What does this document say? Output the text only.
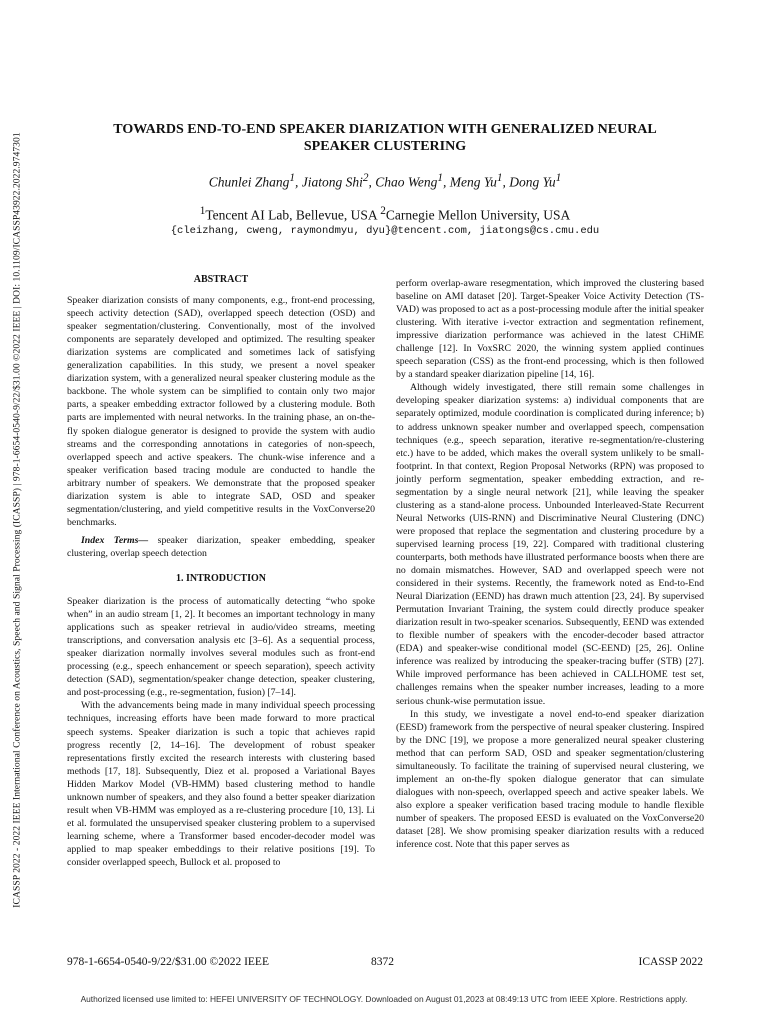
ICASSP 2022 - 2022 IEEE International Conference on Acoustics, Speech and Signal Processing (ICASSP) | 978-1-6654-0540-9/22/$31.00 ©2022 IEEE | DOI: 10.1109/ICASSP43922.2022.9747301
TOWARDS END-TO-END SPEAKER DIARIZATION WITH GENERALIZED NEURAL
SPEAKER CLUSTERING
Chunlei Zhang$^1$, Jiatong Shi$^2$, Chao Weng$^1$, Meng Yu$^1$, Dong Yu$^1$
$^1$Tencent AI Lab, Bellevue, USA $^2$Carnegie Mellon University, USA
{cleizhang, cweng, raymondmyu, dyu}@tencent.com, jiatongs@cs.cmu.edu
ABSTRACT

Speaker diarization consists of many components, e.g., front-end processing, speech activity detection (SAD), overlapped speech detection (OSD) and speaker segmentation/clustering. Conventionally, most of the involved components are separately developed and optimized. The resulting speaker diarization systems are complicated and sometimes lack of satisfying generalization capabilities. In this study, we present a novel speaker diarization system, with a generalized neural speaker clustering module as the backbone. The whole system can be simplified to contain only two major parts, a speaker embedding extractor followed by a clustering module. Both parts are implemented with neural networks. In the training phase, an on-the-fly spoken dialogue generator is designed to provide the system with audio streams and the corresponding annotations in categories of non-speech, overlapped speech and active speakers. The chunk-wise inference and a speaker verification based tracing module are conducted to handle the arbitrary number of speakers. We demonstrate that the proposed speaker diarization system is able to integrate SAD, OSD and speaker segmentation/clustering, and yield competitive results in the VoxConverse20 benchmarks.

Index Terms— speaker diarization, speaker embedding, speaker clustering, overlap speech detection

1. INTRODUCTION

Speaker diarization is the process of automatically detecting “who spoke when” in an audio stream [1, 2]. It becomes an important technology in many applications such as speaker retrieval in audio/video streams, meeting transcriptions, and conversation analysis etc [3–6]. As a sequential process, speaker diarization normally involves several modules such as front-end processing (e.g., speech enhancement or speech separation), speech activity detection (SAD), segmentation/speaker change detection, speaker clustering, and post-processing (e.g., re-segmentation, fusion) [7–14].

With the advancements being made in many individual speech processing techniques, increasing efforts have been made forward to more practical speech systems. Speaker diarization is such a topic that achieves rapid progress recently [2, 14–16]. The development of robust speaker representations firstly excited the research interests with clustering based methods [17, 18]. Subsequently, Diez et al. proposed a Variational Bayes Hidden Markov Model (VB-HMM) based clustering method to handle unknown number of speakers, and they also found a better speaker diarization result when VB-HMM was employed as a re-clustering procedure [10, 13]. Li et al. formulated the unsupervised speaker clustering problem to a supervised learning scheme, where a Transformer based encoder-decoder model was applied to map speaker embeddings to their relative positions [19]. To consider overlapped speech, Bullock et al. proposed to

perform overlap-aware resegmentation, which improved the clustering based baseline on AMI dataset [20]. Target-Speaker Voice Activity Detection (TS-VAD) was proposed to act as a post-processing module after the initial speaker clustering. With iterative i-vector extraction and segmentation refinement, impressive diarization performance was achieved in the latest CHiME challenge [12]. In VoxSRC 2020, the winning system applied continues speech separation (CSS) as the front-end processing, which is then followed by a standard speaker diarization pipeline [14, 16].

Although widely investigated, there still remain some challenges in developing speaker diarization systems: a) individual components that are separately optimized, module coordination is complicated during inference; b) to address unknown speaker number and overlapped speech, compensation techniques (e.g., speech separation, iterative re-segmentation/re-clustering etc.) have to be added, which makes the overall system unlikely to be small-footprint. In that context, Region Proposal Networks (RPN) was proposed to jointly perform segmentation, speaker embedding extraction, and re-segmentation by a single neural network [21], while leaving the speaker clustering as a stand-alone process. Unbounded Interleaved-State Recurrent Neural Networks (UIS-RNN) and Discriminative Neural Clustering (DNC) were proposed that replace the segmentation and clustering procedure by a supervised learning process [19, 22]. Compared with traditional clustering counterparts, both methods have illustrated performance boosts when there are no domain mismatches. However, SAD and overlapped speech were not considered in their systems. Recently, the framework noted as End-to-End Neural Diarization (EEND) has drawn much attention [23, 24]. By supervised Permutation Invariant Training, the system could directly produce speaker diarization result in two-speaker scenarios. Subsequently, EEND was extended to flexible number of speakers with the encoder-decoder based attractor (EDA) and speaker-wise conditional model (SC-EEND) [25, 26]. Online inference was realized by introducing the speaker-tracing buffer (STB) [27]. While improved performance has been achieved in CALLHOME test set, challenges remains when the speaker number increases, leading to a more serious chunk-wise permutation issue.

In this study, we investigate a novel end-to-end speaker diarization (EESD) framework from the perspective of neural speaker clustering. Inspired by the DNC [19], we propose a more generalized neural speaker clustering method that can perform SAD, OSD and speaker segmentation/clustering simultaneously. To facilitate the training of supervised neural clustering, we implement an on-the-fly spoken dialogue generator that can simulate dialogues with non-speech, overlapped speech and active speaker labels. We also explore a speaker verification based tracing module to handle flexible number of speakers. The proposed EESD is evaluated on the VoxConverse20 dataset [28]. We show promising speaker diarization results with a reduced inference cost. Note that this paper serves as

978-1-6654-0540-9/22/$31.00 ©2022 IEEE	8372	ICASSP 2022
Authorized licensed use limited to: HEFEI UNIVERSITY OF TECHNOLOGY. Downloaded on August 01,2023 at 08:49:13 UTC from IEEE Xplore. Restrictions apply.
